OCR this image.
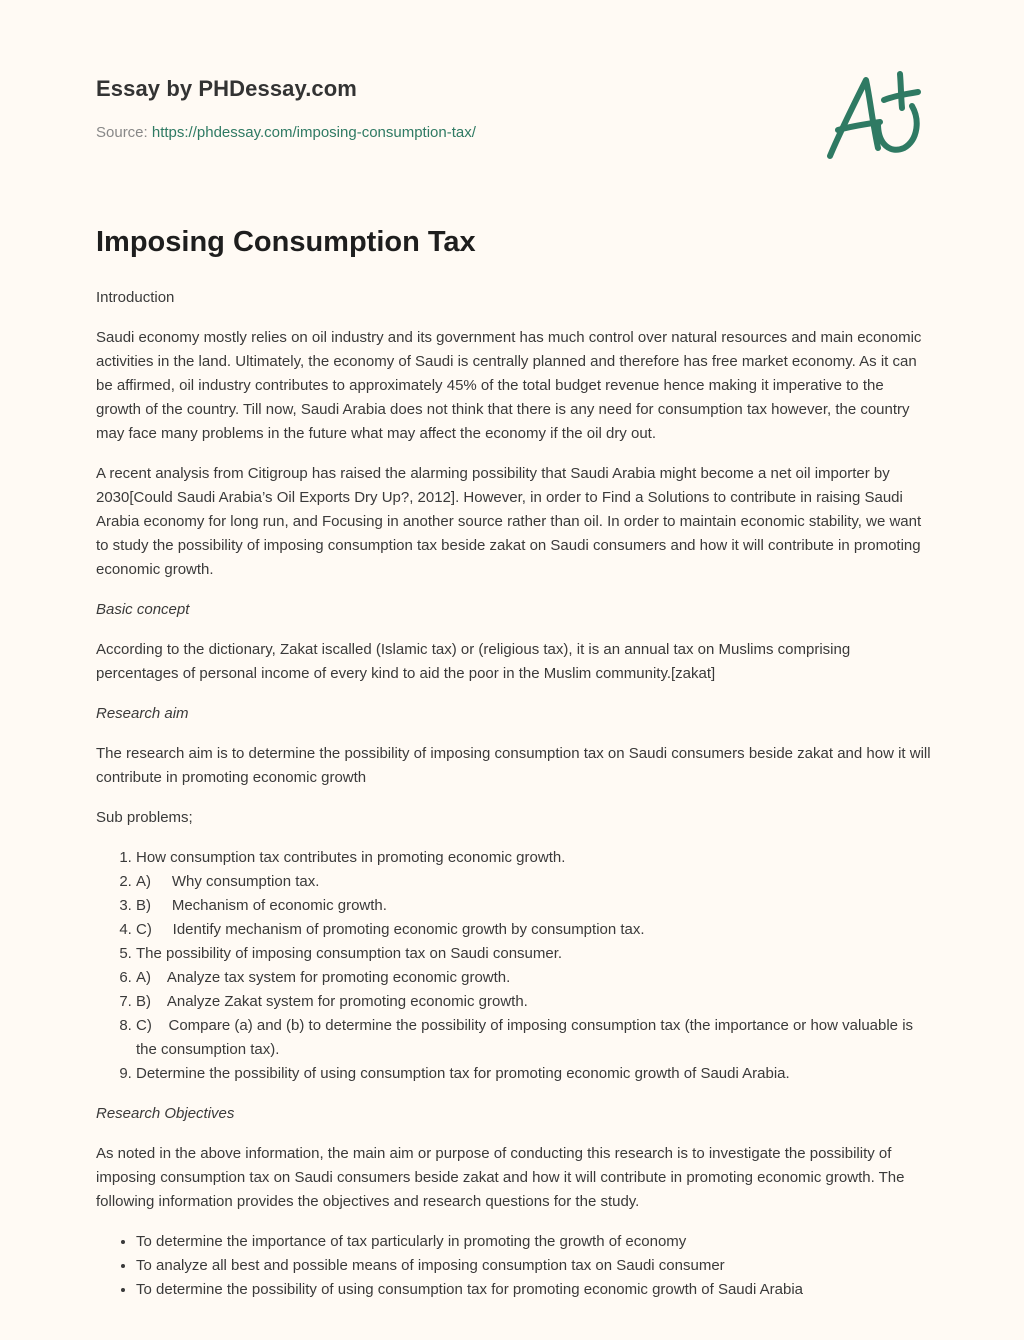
Essay by PHDessay.com

Source: https://phdessay.com/imposing-consumption-tax/

Imposing Consumption Tax

Introduction

Saudi economy mostly relies on oil industry and its government has much control over natural resources and main economic activities in the land. Ultimately, the economy of Saudi is centrally planned and therefore has free market economy. As it can be affirmed, oil industry contributes to approximately 45% of the total budget revenue hence making it imperative to the growth of the country. Till now, Saudi Arabia does not think that there is any need for consumption tax however, the country may face many problems in the future what may affect the economy if the oil dry out.

A recent analysis from Citigroup has raised the alarming possibility that Saudi Arabia might become a net oil importer by 2030[Could Saudi Arabia’s Oil Exports Dry Up?, 2012]. However, in order to Find a Solutions to contribute in raising Saudi Arabia economy for long run, and Focusing in another source rather than oil. In order to maintain economic stability, we want to study the possibility of imposing consumption tax beside zakat on Saudi consumers and how it will contribute in promoting economic growth.

Basic concept

According to the dictionary, Zakat iscalled (Islamic tax) or (religious tax), it is an annual tax on Muslims comprising percentages of personal income of every kind to aid the poor in the Muslim community.[zakat]

Research aim

The research aim is to determine the possibility of imposing consumption tax on Saudi consumers beside zakat and how it will contribute in promoting economic growth

Sub problems;

1. How consumption tax contributes in promoting economic growth.
2. A)     Why consumption tax.
3. B)     Mechanism of economic growth.
4. C)     Identify mechanism of promoting economic growth by consumption tax.
5. The possibility of imposing consumption tax on Saudi consumer.
6. A)    Analyze tax system for promoting economic growth.
7. B)    Analyze Zakat system for promoting economic growth.
8. C)    Compare (a) and (b) to determine the possibility of imposing consumption tax (the importance or how valuable is the consumption tax).
9. Determine the possibility of using consumption tax for promoting economic growth of Saudi Arabia.

Research Objectives

As noted in the above information, the main aim or purpose of conducting this research is to investigate the possibility of imposing consumption tax on Saudi consumers beside zakat and how it will contribute in promoting economic growth. The following information provides the objectives and research questions for the study.

• To determine the importance of tax particularly in promoting the growth of economy
• To analyze all best and possible means of imposing consumption tax on Saudi consumer
• To determine the possibility of using consumption tax for promoting economic growth of Saudi Arabia
